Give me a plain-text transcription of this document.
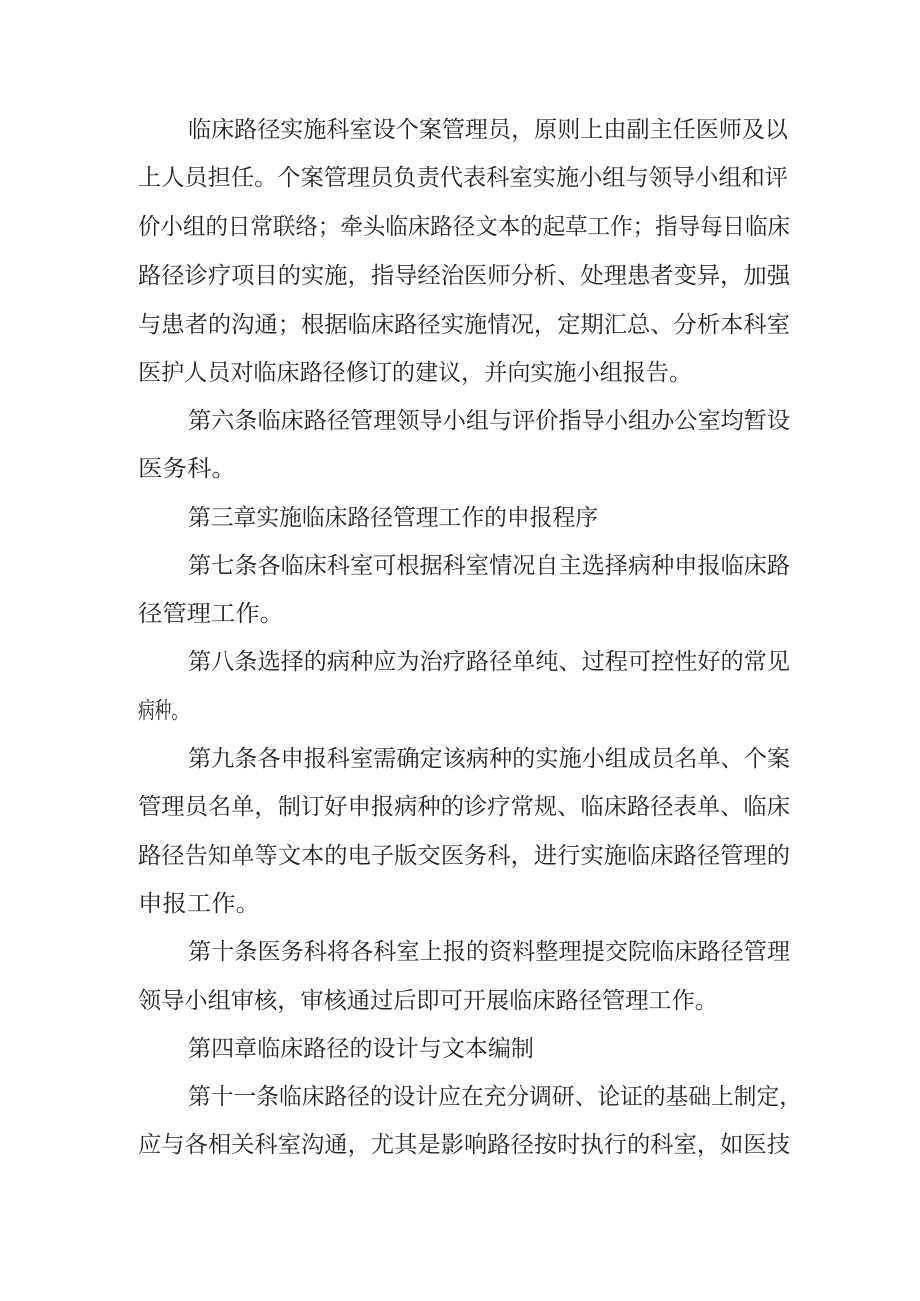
临床路径实施科室设个案管理员，原则上由副主任医师及以

上人员担任。个案管理员负责代表科室实施小组与领导小组和评

价小组的日常联络；牵头临床路径文本的起草工作；指导每日临床

路径诊疗项目的实施，指导经治医师分析、处理患者变异，加强

与患者的沟通；根据临床路径实施情况，定期汇总、分析本科室

医护人员对临床路径修订的建议，并向实施小组报告。

第六条临床路径管理领导小组与评价指导小组办公室均暂设

医务科。

第三章实施临床路径管理工作的申报程序

第七条各临床科室可根据科室情况自主选择病种申报临床路

径管理工作。

第八条选择的病种应为治疗路径单纯、过程可控性好的常见

病种。

第九条各申报科室需确定该病种的实施小组成员名单、个案

管理员名单，制订好申报病种的诊疗常规、临床路径表单、临床

路径告知单等文本的电子版交医务科，进行实施临床路径管理的

申报工作。

第十条医务科将各科室上报的资料整理提交院临床路径管理

领导小组审核，审核通过后即可开展临床路径管理工作。

第四章临床路径的设计与文本编制

第十一条临床路径的设计应在充分调研、论证的基础上制定，

应与各相关科室沟通，尤其是影响路径按时执行的科室，如医技
